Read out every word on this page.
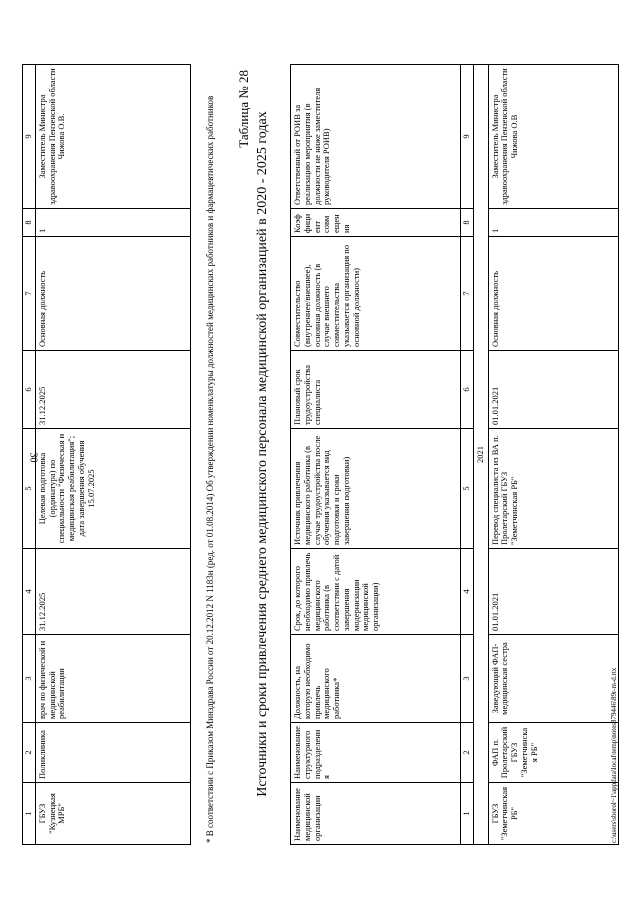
30
1	2	3	4	5	6	7	8	9
ГБУЗ "Кузнецкая МРБ"	Поликлиника	врач по физической и медицинской реабилитации	31.12.2025	Целевая подготовка (ординатура) по специальности "Физическая и медицинская реабилитация"; дата завершения обучения 15.07.2025	31.12.2025	Основная должность	1	Заместитель Министра здравоохранения Пензенской области Чижова О.В.	* В соответствии с Приказом Минздрава России от 20.12.2012 N 1183н (ред. от 01.08.2014) Об утверждении номенклатуры должностей медицинских работников и фармацевтических работников Таблица № 28
Источники и сроки привлечения среднего медицинского персонала медицинской организацией в 2020 - 2025 годах
Наименование медицинской организации	Наименование структурного подразделения	Должность, на которую необходимо привлечь медицинского работника*	Срок, до которого необходимо привлечь медицинского работника (в соответствии с датой завершения модернизации медицинской организации)	Источник привлечения медицинского работника (в случае трудоустройства после обучения указывается вид подготовки и сроки завершения подготовки)	Плановый срок трудоустройства специалиста	Совместительство (внутреннее/внешнее), основная должность (в случае внешнего совместительства указывается организация по основной должности)	Коэффициент совмещения	Ответственный от РОИВ за реализацию мероприятия (в должности не ниже заместителя руководителя РОИВ)
1	2	3	4	5	6	7	8	9
2021								
ГБУЗ "Земетчинская РБ"	ФАП п. Пролетарский ГБУЗ "Земетчинская РБ"	Заведующий ФАП-медицинская сестра	01.01.2021	Перевод специалиста из ВА п. Пролетарский ГБУЗ "Земетчинская РБ"	01.01.2021	Основная должность	1	Заместитель Министра здравоохранения Пензенской области Чижова О.В
c:\users\sborol~1\appdata\local\temp\notes879446\89r-m-d.rtx
